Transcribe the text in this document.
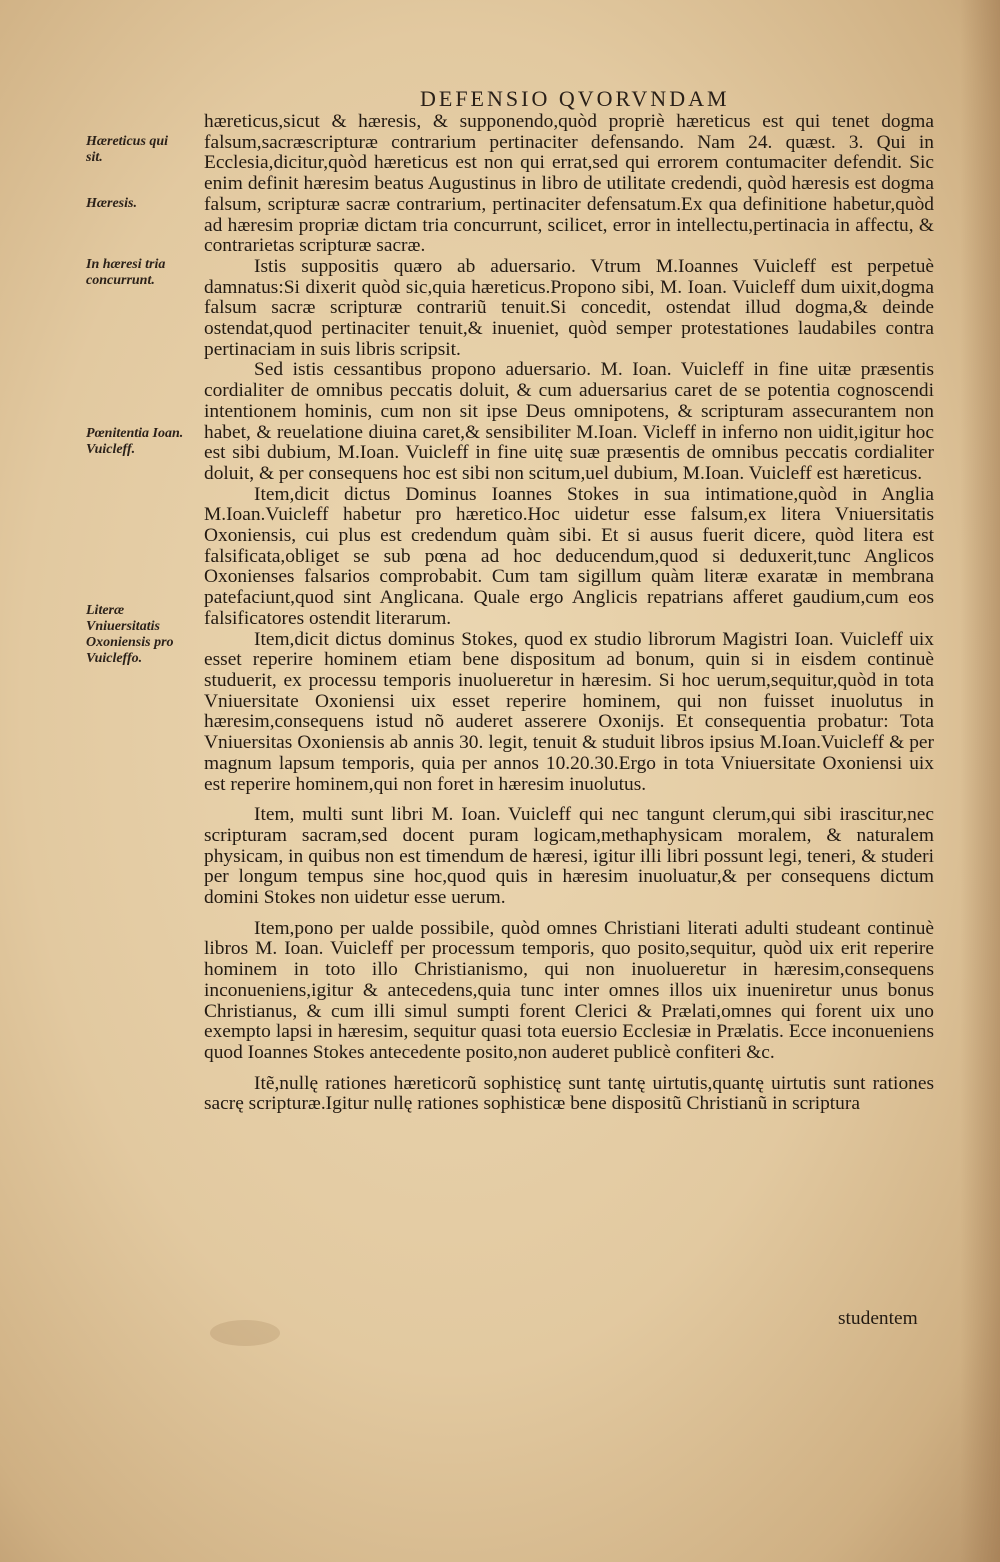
DEFENSIO QVORVNDAM
Hæreticus qui sit.
Hæresis.
In hæresi tria concurrunt.
Pœnitentia Ioan. Vuicleff.
Literæ Vniuersitatis Oxoniensis pro Vuicleffo.

hæreticus,sicut & hæresis, & supponendo,quòd propriè hæreticus est qui tenet dogma falsum,sacræscripturæ contrarium pertinaciter defensando. Nam 24. quæst. 3. Qui in Ecclesia,dicitur,quòd hæreticus est non qui errat,sed qui errorem contumaciter defendit. Sic enim definit hæresim beatus Augustinus in libro de utilitate credendi, quòd hæresis est dogma falsum, scripturæ sacræ contrarium, pertinaciter defensatum.Ex qua definitione habetur,quòd ad hæresim propriæ dictam tria concurrunt, scilicet, error in intellectu,pertinacia in affectu, & contrarietas scripturæ sacræ.

Istis suppositis quæro ab aduersario. Vtrum M.Ioannes Vuicleff est perpetuè damnatus:Si dixerit quòd sic,quia hæreticus.Propono sibi, M. Ioan. Vuicleff dum uixit,dogma falsum sacræ scripturæ contrariũ tenuit.Si concedit, ostendat illud dogma,& deinde ostendat,quod pertinaciter tenuit,& inueniet, quòd semper protestationes laudabiles contra pertinaciam in suis libris scripsit.

Sed istis cessantibus propono aduersario. M. Ioan. Vuicleff in fine uitæ præsentis cordialiter de omnibus peccatis doluit, & cum aduersarius caret de se potentia cognoscendi intentionem hominis, cum non sit ipse Deus omnipotens, & scripturam assecurantem non habet, & reuelatione diuina caret,& sensibiliter M.Ioan. Vicleff in inferno non uidit,igitur hoc est sibi dubium, M.Ioan. Vuicleff in fine uitę suæ præsentis de omnibus peccatis cordialiter doluit, & per consequens hoc est sibi non scitum,uel dubium, M.Ioan. Vuicleff est hæreticus.

Item,dicit dictus Dominus Ioannes Stokes in sua intimatione,quòd in Anglia M.Ioan.Vuicleff habetur pro hæretico.Hoc uidetur esse falsum,ex litera Vniuersitatis Oxoniensis, cui plus est credendum quàm sibi. Et si ausus fuerit dicere, quòd litera est falsificata,obliget se sub pœna ad hoc deducendum,quod si deduxerit,tunc Anglicos Oxonienses falsarios comprobabit. Cum tam sigillum quàm literæ exaratæ in membrana patefaciunt,quod sint Anglicana. Quale ergo Anglicis repatrians afferet gaudium,cum eos falsificatores ostendit literarum.

Item,dicit dictus dominus Stokes, quod ex studio librorum Magistri Ioan. Vuicleff uix esset reperire hominem etiam bene dispositum ad bonum, quin si in eisdem continuè studuerit, ex processu temporis inuolueretur in hæresim. Si hoc uerum,sequitur,quòd in tota Vniuersitate Oxoniensi uix esset reperire hominem, qui non fuisset inuolutus in hæresim,consequens istud nõ auderet asserere Oxonijs. Et consequentia probatur: Tota Vniuersitas Oxoniensis ab annis 30. legit, tenuit & studuit libros ipsius M.Ioan.Vuicleff & per magnum lapsum temporis, quia per annos 10.20.30.Ergo in tota Vniuersitate Oxoniensi uix est reperire hominem,qui non foret in hæresim inuolutus.

Item, multi sunt libri M. Ioan. Vuicleff qui nec tangunt clerum,qui sibi irascitur,nec scripturam sacram,sed docent puram logicam,methaphysicam moralem, & naturalem physicam, in quibus non est timendum de hæresi, igitur illi libri possunt legi, teneri, & studeri per longum tempus sine hoc,quod quis in hæresim inuoluatur,& per consequens dictum domini Stokes non uidetur esse uerum.

Item,pono per ualde possibile, quòd omnes Christiani literati adulti studeant continuè libros M. Ioan. Vuicleff per processum temporis, quo posito,sequitur, quòd uix erit reperire hominem in toto illo Christianismo, qui non inuolueretur in hæresim,consequens inconueniens,igitur & antecedens,quia tunc inter omnes illos uix inueniretur unus bonus Christianus, & cum illi simul sumpti forent Clerici & Prælati,omnes qui forent uix uno exempto lapsi in hæresim, sequitur quasi tota euersio Ecclesiæ in Prælatis. Ecce inconueniens quod Ioannes Stokes antecedente posito,non auderet publicè confiteri &c.

Itẽ,nullę rationes hæreticorũ sophisticę sunt tantę uirtutis,quantę uirtutis sunt rationes sacrę scripturæ.Igitur nullę rationes sophisticæ bene dispositũ Christianũ in scriptura

studentem
